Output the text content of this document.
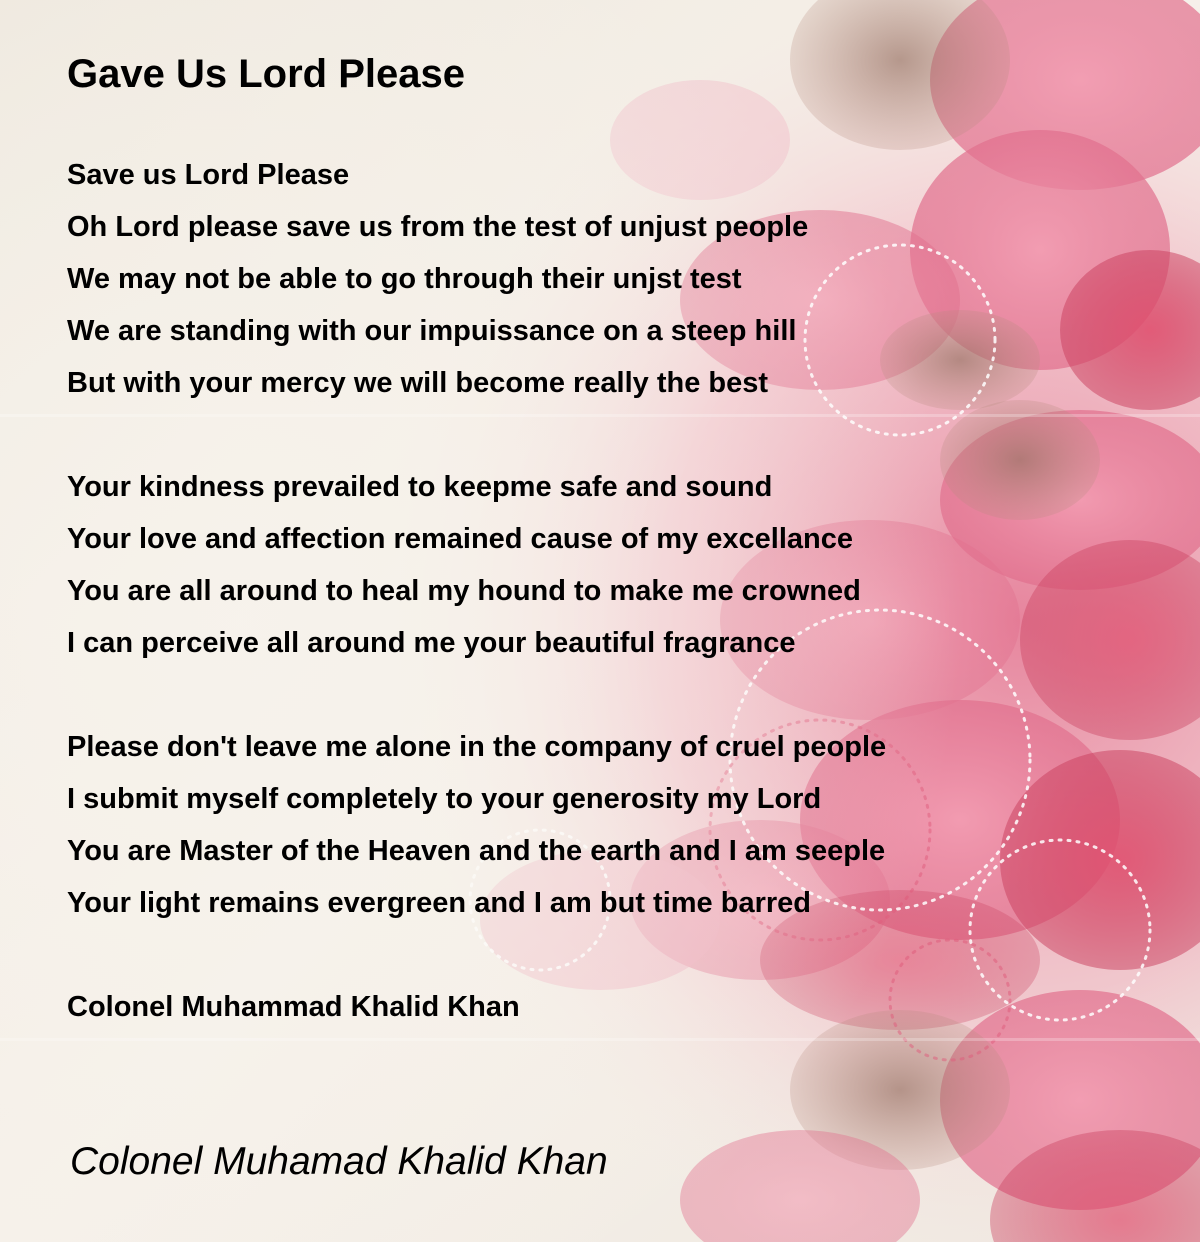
Gave Us Lord Please
Save us Lord Please
Oh Lord please save us from the test of unjust people
We may not be able to go through their unjst test
We are standing with our impuissance on a steep hill
But with your mercy we will become really the best
Your kindness prevailed to keepme safe and sound
Your love and affection remained cause of my excellance
You are all around to heal my hound to make me crowned
I can perceive all around me your beautiful fragrance
Please don't leave me alone in the company of cruel people
I submit myself completely to your generosity my Lord
You are Master of the Heaven and the earth and I am seeple
Your light remains evergreen and I am but time barred
Colonel Muhammad Khalid Khan
Colonel Muhamad Khalid Khan
